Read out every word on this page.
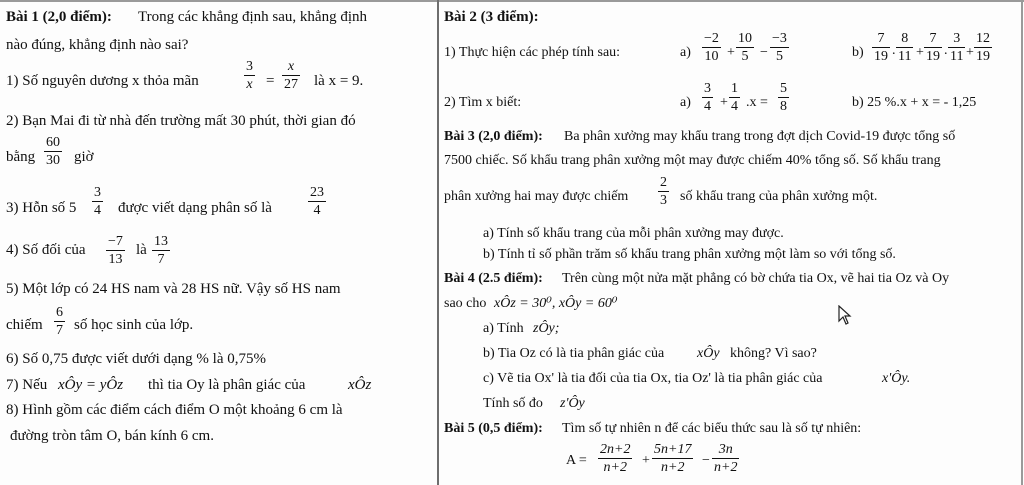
Bài 1 (2,0 điểm): Trong các khẳng định sau, khẳng định
nào đúng, khẳng định nào sai?
1) Số nguyên dương x thỏa mãn	$\frac{3}{x} = \frac{x}{27}$ là x = 9.
2) Bạn Mai đi từ nhà đến trường mất 30 phút, thời gian đó
bằng $\frac{60}{30}$ giờ
3) Hỗn số $5 \frac{3}{4}$ được viết dạng phân số là	$\frac{23}{4}$
4) Số đối của $\frac{-7}{13}$ là $\frac{13}{7}$
5) Một lớp có 24 HS nam và 28 HS nữ. Vậy số HS nam
chiếm $\frac{6}{7}$ số học sinh của lớp.
6) Số 0,75 được viết dưới dạng % là 0,75%
7) Nếu xÔy = yÔz thì tia Oy là phân giác của	xÔz
8) Hình gồm các điểm cách điểm O một khoảng 6 cm là
đường tròn tâm O, bán kính 6 cm.
Bài 2 (3 điểm):
1) Thực hiện các phép tính sau:	$a) \frac{-2}{10} + \frac{10}{5} - \frac{-3}{5}$	$b) \frac{7}{19}$ . $\frac{8}{11} + \frac{7}{19}$ . $\frac{3}{11} + \frac{12}{19}$
2) Tìm x biết:	$a) \frac{3}{4} + \frac{1}{4} .x = \frac{5}{8}$	b) 25 %.x + x = - 1,25
Bài 3 (2,0 điểm): Ba phân xưởng may khẩu trang trong đợt dịch Covid-19 được tổng số
7500 chiếc. Số khẩu trang phân xưởng một may được chiếm 40% tổng số. Số khẩu trang
phân xưởng hai may được chiếm $\frac{2}{3}$ số khẩu trang của phân xưởng một.
a) Tính số khẩu trang của mỗi phân xưởng may được.
b) Tính tỉ số phần trăm số khẩu trang phân xưởng một làm so với tổng số.
Bài 4 (2.5 điểm): Trên cùng một nửa mặt phẳng có bờ chứa tia Ox, vẽ hai tia Oz và Oy
sao cho xÔz = 30⁰, xÔy = 60⁰
a) Tính zÔy;
b) Tia Oz có là tia phân giác của xÔy không? Vì sao?
c) Vẽ tia Ox' là tia đối của tia Ox, tia Oz' là tia phân giác của	x'Ôy.
Tính số đo z'Ôy
Bài 5 (0,5 điểm): Tìm số tự nhiên n để các biểu thức sau là số tự nhiên:
$A = \frac{2n+2}{n+2} + \frac{5n+17}{n+2} - \frac{3n}{n+2}$
